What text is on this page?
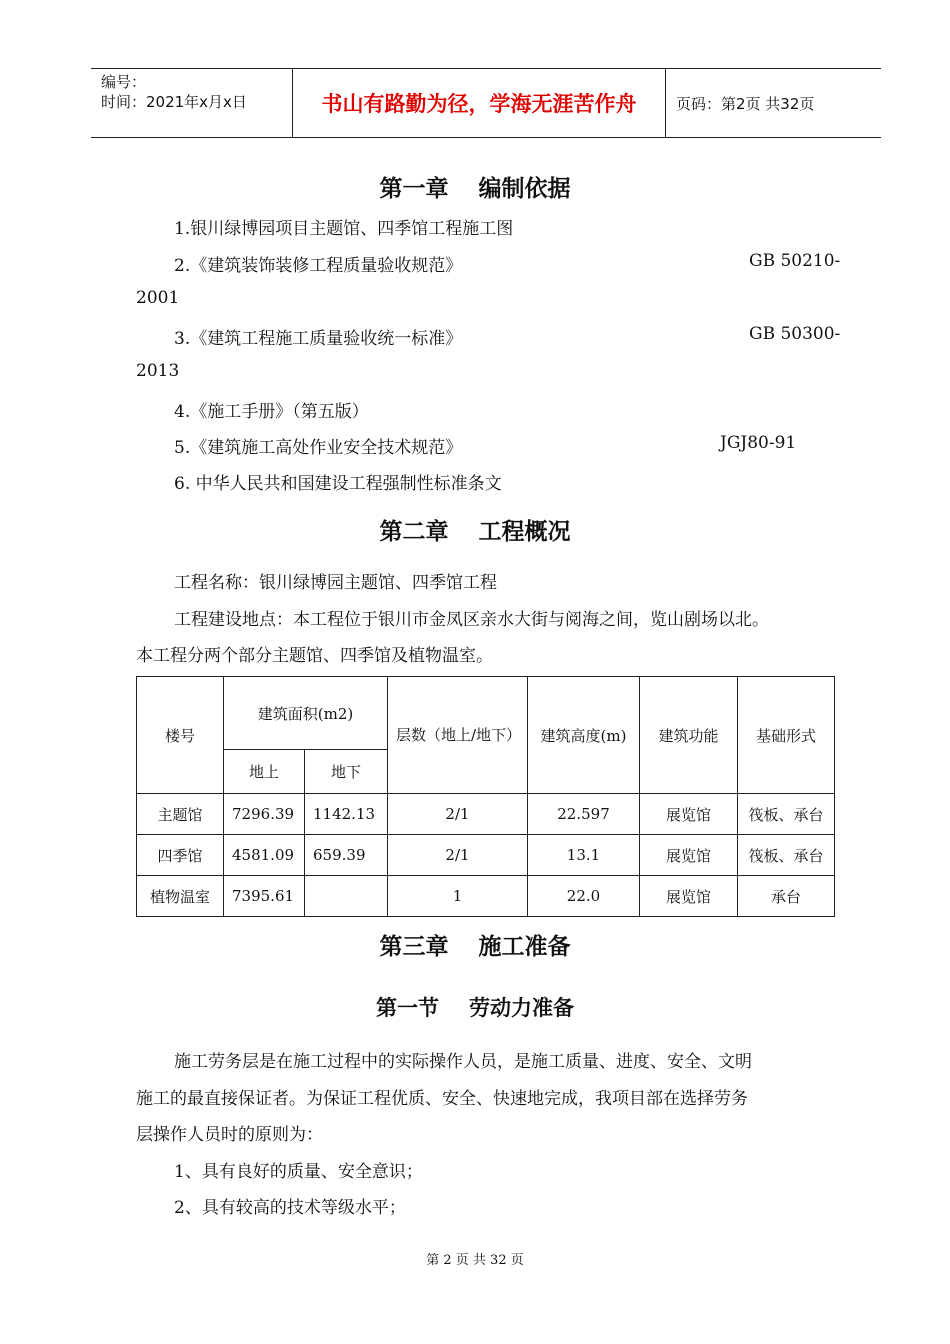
编号：
时间：2021年x月x日	书山有路勤为径，学海无涯苦作舟	页码：第2页 共32页
第一章 编制依据
1.银川绿博园项目主题馆、四季馆工程施工图
2.《建筑装饰装修工程质量验收规范》	GB 50210-
2001
3.《建筑工程施工质量验收统一标准》	GB 50300-
2013
4.《施工手册》（第五版）
5.《建筑施工高处作业安全技术规范》	JGJ80-91
6. 中华人民共和国建设工程强制性标准条文
第二章 工程概况
工程名称：银川绿博园主题馆、四季馆工程
工程建设地点：本工程位于银川市金凤区亲水大街与阅海之间，览山剧场以北。
本工程分两个部分主题馆、四季馆及植物温室。
楼号	建筑面积(m2)		层数（地上/地下）	建筑高度(m)	建筑功能	基础形式
	地上	地下				
主题馆	7296.39	1142.13	2/1	22.597	展览馆	筏板、承台
四季馆	4581.09	659.39	2/1	13.1	展览馆	筏板、承台
植物温室	7395.61		1	22.0	展览馆	承台
第三章 施工准备
第一节 劳动力准备
施工劳务层是在施工过程中的实际操作人员，是施工质量、进度、安全、文明
施工的最直接保证者。为保证工程优质、安全、快速地完成，我项目部在选择劳务
层操作人员时的原则为：
1、具有良好的质量、安全意识；
2、具有较高的技术等级水平；
第 2 页 共 32 页
